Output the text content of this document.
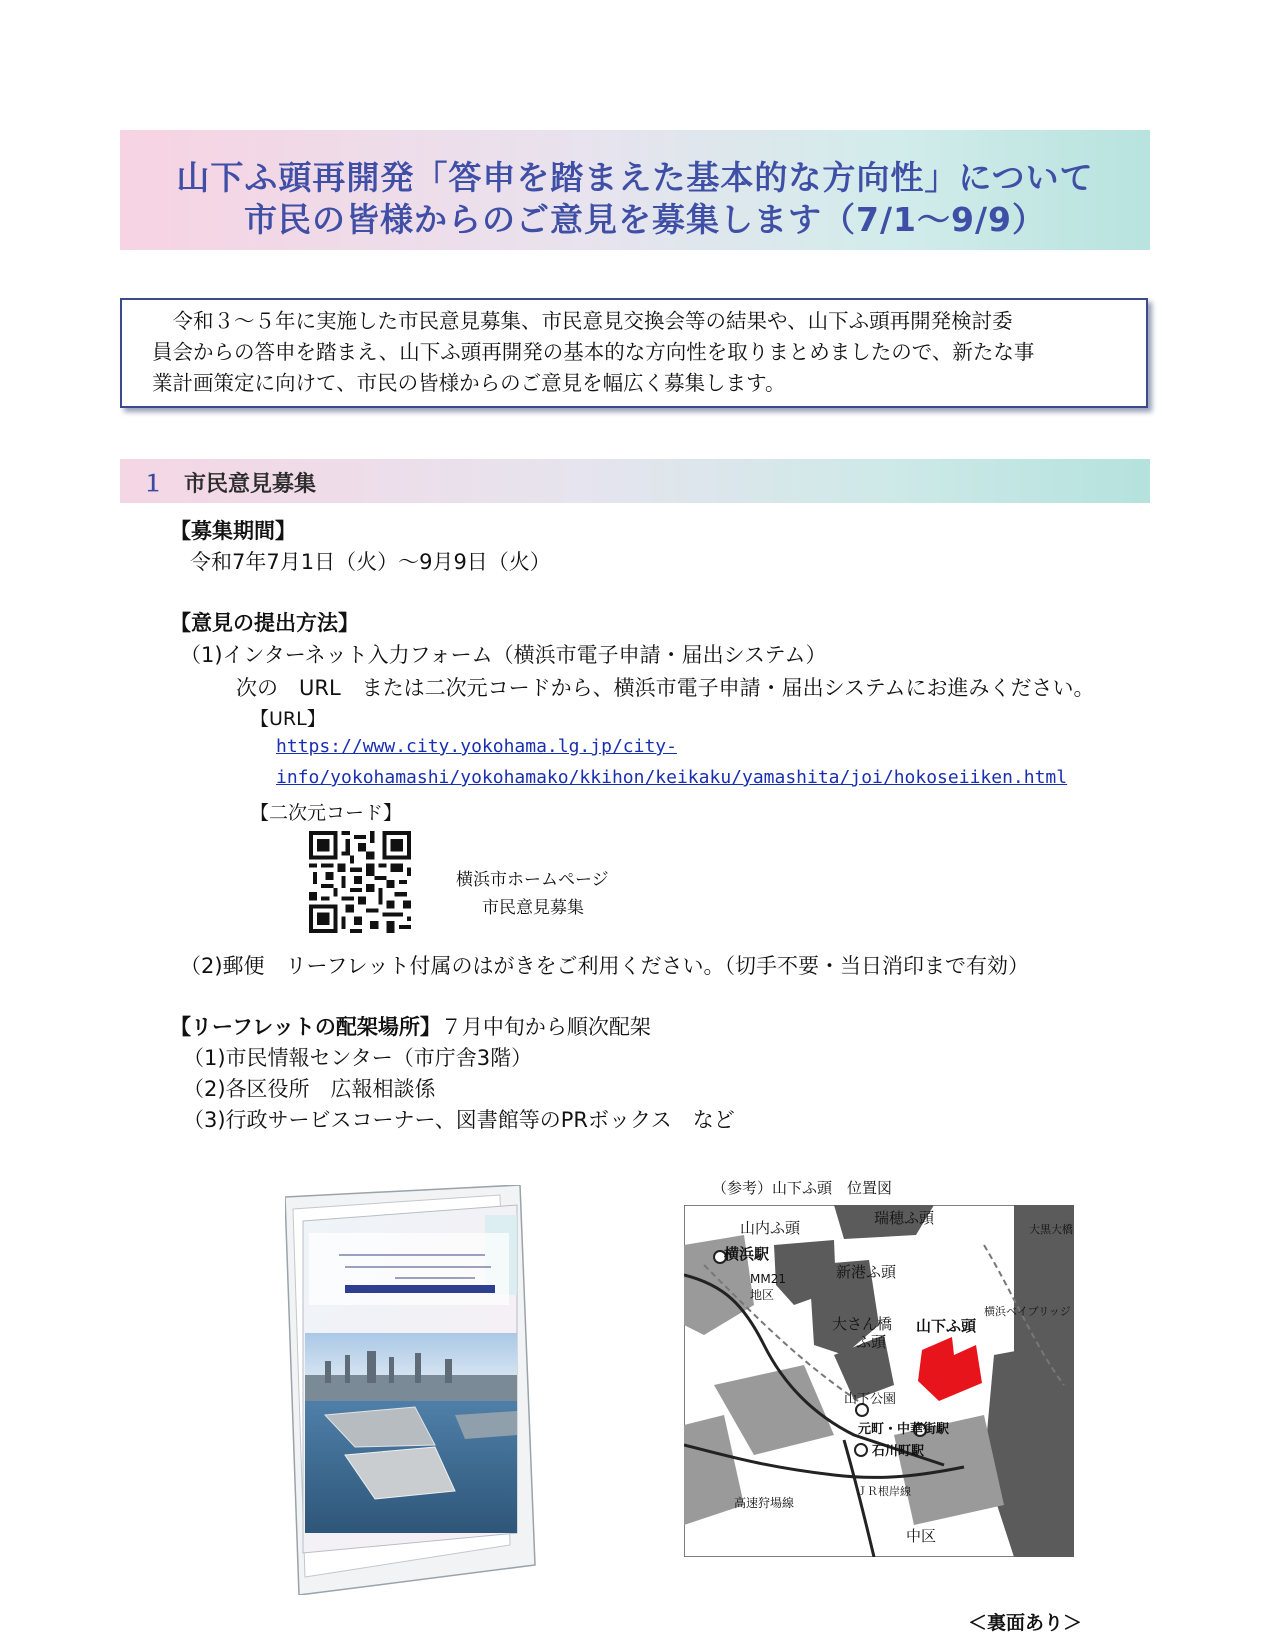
山下ふ頭再開発「答申を踏まえた基本的な方向性」について
市民の皆様からのご意見を募集します（7/1～9/9）
　令和３～５年に実施した市民意見募集、市民意見交換会等の結果や、山下ふ頭再開発検討委
員会からの答申を踏まえ、山下ふ頭再開発の基本的な方向性を取りまとめましたので、新たな事
業計画策定に向けて、市民の皆様からのご意見を幅広く募集します。
１ 市民意見募集
【募集期間】
令和7年7月1日（火）～9月9日（火）
【意見の提出方法】
（1)インターネット入力フォーム（横浜市電子申請・届出システム）
次の　URL　または二次元コードから、横浜市電子申請・届出システムにお進みください。
【URL】
https://www.city.yokohama.lg.jp/city-
info/yokohamashi/yokohamako/kkihon/keikaku/yamashita/joi/hokoseiiken.html
【二次元コード】
横浜市ホームページ
市民意見募集
（2)郵便　リーフレット付属のはがきをご利用ください。（切手不要・当日消印まで有効）
【リーフレットの配架場所】７月中旬から順次配架
（1)市民情報センター（市庁舎3階）
（2)各区役所　広報相談係
（3)行政サービスコーナー、図書館等のPRボックス　など
（参考）山下ふ頭　位置図
瑞穂ふ頭
山内ふ頭
横浜駅
MM21
地区
新港ふ頭
大さん橋
ふ頭
山下ふ頭
山下公園
元町・中華街駅
石川町駅
高速狩場線
ＪＲ根岸線
中区
横浜ベイブリッジ
大黒大橋
＜裏面あり＞
